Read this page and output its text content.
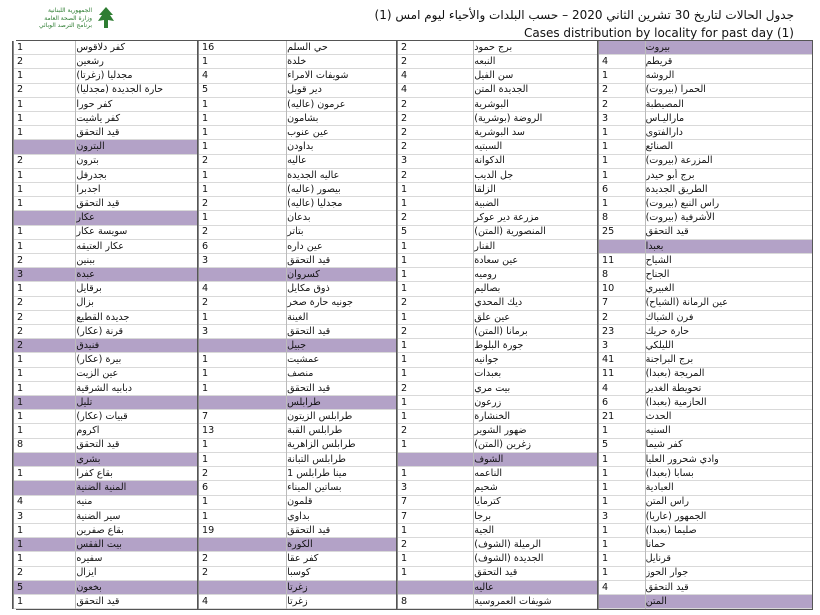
الجمهورية اللبنانية
وزارة الصحة العامة
برنامج الترصد الوبائي
جدول الحالات لتاريخ 30 تشرين الثاني 2020 – حسب البلدات والأحياء ليوم امس (1)
Cases distribution by locality for past day (1)
بيروت
قريطم
الروشه
الحمرا (بيروت)
المصيطبة
ماراليـاس
دارالفتوى
الصنائع
المزرعة (بيروت)
برج أبو حيدر
الطريق الجديدة
راس النبع (بيروت)
الأشرفية (بيروت)
قيد التحقق
بعبدا
الشياح
الجناح
الغبيري
عين الرمانة (الشياح)
فرن الشباك
حارة حريك
الليلكي
برج البراجنة
المريجة (بعبدا)
تحويطة الغدير
الحازمية (بعبدا)
الحدث
السنيه
كفر شيما
وادي شحرور العليا
بسابا (بعبدا)
العبادية
راس المتن
الجمهور (عاريا)
صليما (بعبدا)
حمانا
قرنايل
جوار الحوز
قيد التحقق
المتن
4
1
2
2
3
1
1
1
1
6
1
8
25
11
8
10
7
2
23
3
41
11
4
6
21
1
5
1
1
1
1
3
1
1
1
1
4
برج حمود
النبعه
سن الفيل
الجديدة المتن
البوشرية
الروضة (بوشرية)
سد البوشرية
السبتيه
الدكوانة
جل الديب
الزلقا
الضبية
مزرعة دير عوكر
المنصورية (المتن)
الفنار
عين سعادة
روميه
بصاليم
ديك المحدي
عين علق
برمانا (المتن)
جورة البلوط
جوانيه
بعبدات
بيت مري
زرعون
الخنشارة
ضهور الشوير
زغرين (المتن)
الشوف
الناعمه
شحيم
كترمايا
برجا
الجية
الرميلة (الشوف)
الجديدة (الشوف)
قيد التحقق
عاليه
شويفات العمروسية
2
2
4
4
2
2
2
2
3
2
1
1
2
5
1
1
1
1
2
1
2
1
1
1
2
1
1
2
1
1
3
7
7
1
2
1
1
8
حي السلم
خلدة
شويفات الامراء
دير قوبل
عرمون (عاليه)
بشامون
عين عنوب
بداودن
عاليه
عاليه الجديدة
بيصور (عاليه)
مجدليا (عاليه)
بدعان
بتاتر
عين داره
قيد التحقق
كسروان
ذوق مكايل
جونيه حارة صخر
الغينة
قيد التحقق
جبيل
عمشيت
منصف
قيد التحقق
طرابلس
طرابلس الزيتون
طرابلس القبة
طرابلس الزاهرية
طرابلس التبانة
مينا طرابلس 1
بساتين الميناء
قلمون
بداوي
قيد التحقق
الكورة
كفر عقا
كوسبا
زغرتا
زغرتا
16
1
4
5
1
1
1
1
2
1
1
2
1
2
6
3
4
2
1
3
1
1
1
7
13
1
1
2
6
1
1
19
2
2
4
كفر دلاقوس
رشعين
مجدليا (زغرتا)
حارة الجديدة (مجدليا)
كفر حورا
كفر ياشيت
قيد التحقق
البترون
بترون
بجدرفل
اجدبرا
قيد التحقق
عكار
سويسة عكار
عكار العتيقه
ببنين
عبدة
برقايل
بزال
جديدة القطيع
قرنة (عكار)
فنيدق
بيرة (عكار)
عين الزيت
دبابيه الشرقية
تليل
قبيات (عكار)
اكروم
قيد التحقق
بشري
بقاع كفرا
المنية الضنية
منيه
سير الضنية
بقاع صفرين
بيت الفقس
سفيره
ايزال
بخعون
قيد التحقق
1
2
1
2
1
1
1
2
1
1
1
1
1
2
3
1
2
2
2
2
1
1
1
1
1
1
8
1
4
3
1
1
1
2
5
1
